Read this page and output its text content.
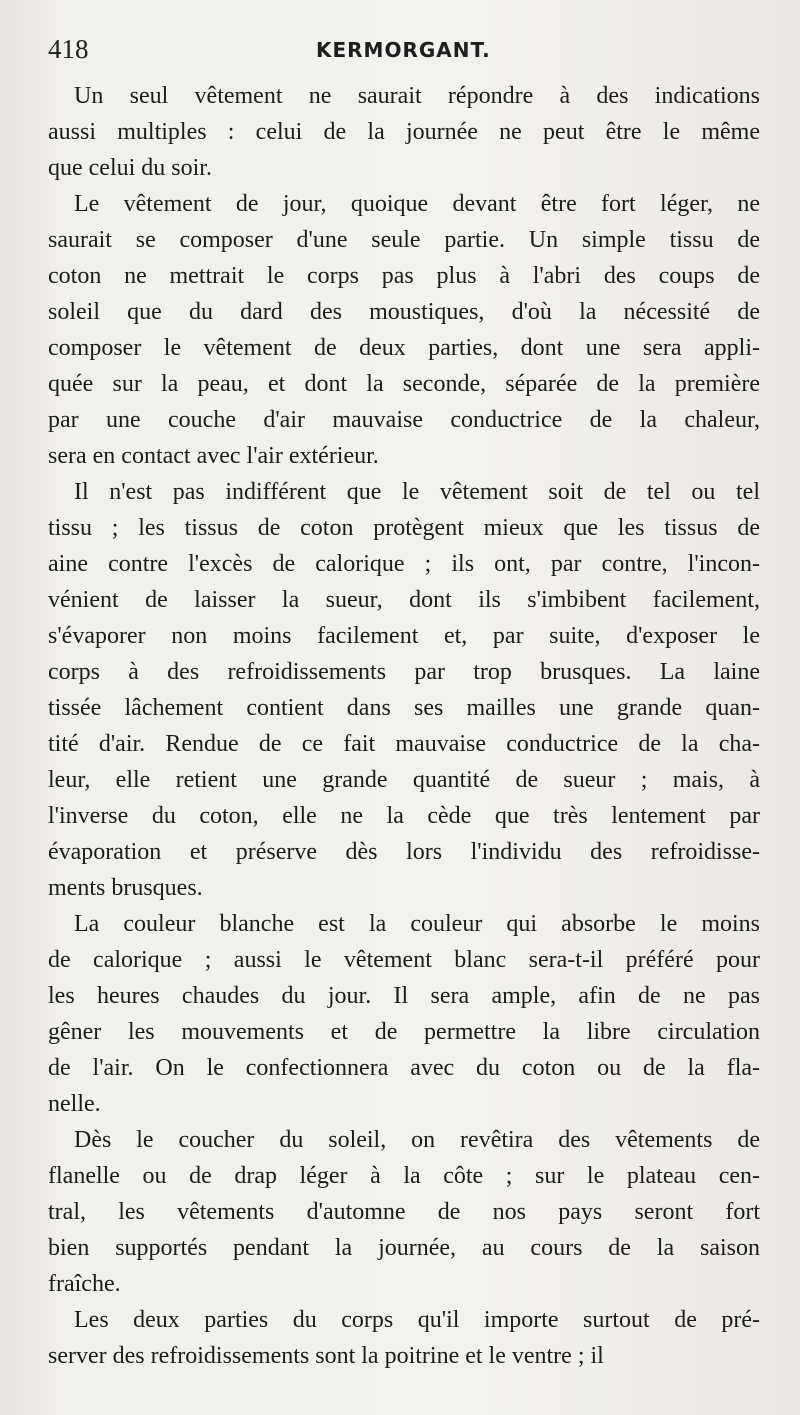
418	KERMORGANT.
Un seul vêtement ne saurait répondre à des indications
aussi multiples : celui de la journée ne peut être le même
que celui du soir.
Le vêtement de jour, quoique devant être fort léger, ne
saurait se composer d'une seule partie. Un simple tissu de
coton ne mettrait le corps pas plus à l'abri des coups de
soleil que du dard des moustiques, d'où la nécessité de
composer le vêtement de deux parties, dont une sera appli-
quée sur la peau, et dont la seconde, séparée de la première
par une couche d'air mauvaise conductrice de la chaleur,
sera en contact avec l'air extérieur.
Il n'est pas indifférent que le vêtement soit de tel ou tel
tissu ; les tissus de coton protègent mieux que les tissus de
aine contre l'excès de calorique ; ils ont, par contre, l'incon-
vénient de laisser la sueur, dont ils s'imbibent facilement,
s'évaporer non moins facilement et, par suite, d'exposer le
corps à des refroidissements par trop brusques. La laine
tissée lâchement contient dans ses mailles une grande quan-
tité d'air. Rendue de ce fait mauvaise conductrice de la cha-
leur, elle retient une grande quantité de sueur ; mais, à
l'inverse du coton, elle ne la cède que très lentement par
évaporation et préserve dès lors l'individu des refroidisse-
ments brusques.
La couleur blanche est la couleur qui absorbe le moins
de calorique ; aussi le vêtement blanc sera-t-il préféré pour
les heures chaudes du jour. Il sera ample, afin de ne pas
gêner les mouvements et de permettre la libre circulation
de l'air. On le confectionnera avec du coton ou de la fla-
nelle.
Dès le coucher du soleil, on revêtira des vêtements de
flanelle ou de drap léger à la côte ; sur le plateau cen-
tral, les vêtements d'automne de nos pays seront fort
bien supportés pendant la journée, au cours de la saison
fraîche.
Les deux parties du corps qu'il importe surtout de pré-
server des refroidissements sont la poitrine et le ventre ; il
